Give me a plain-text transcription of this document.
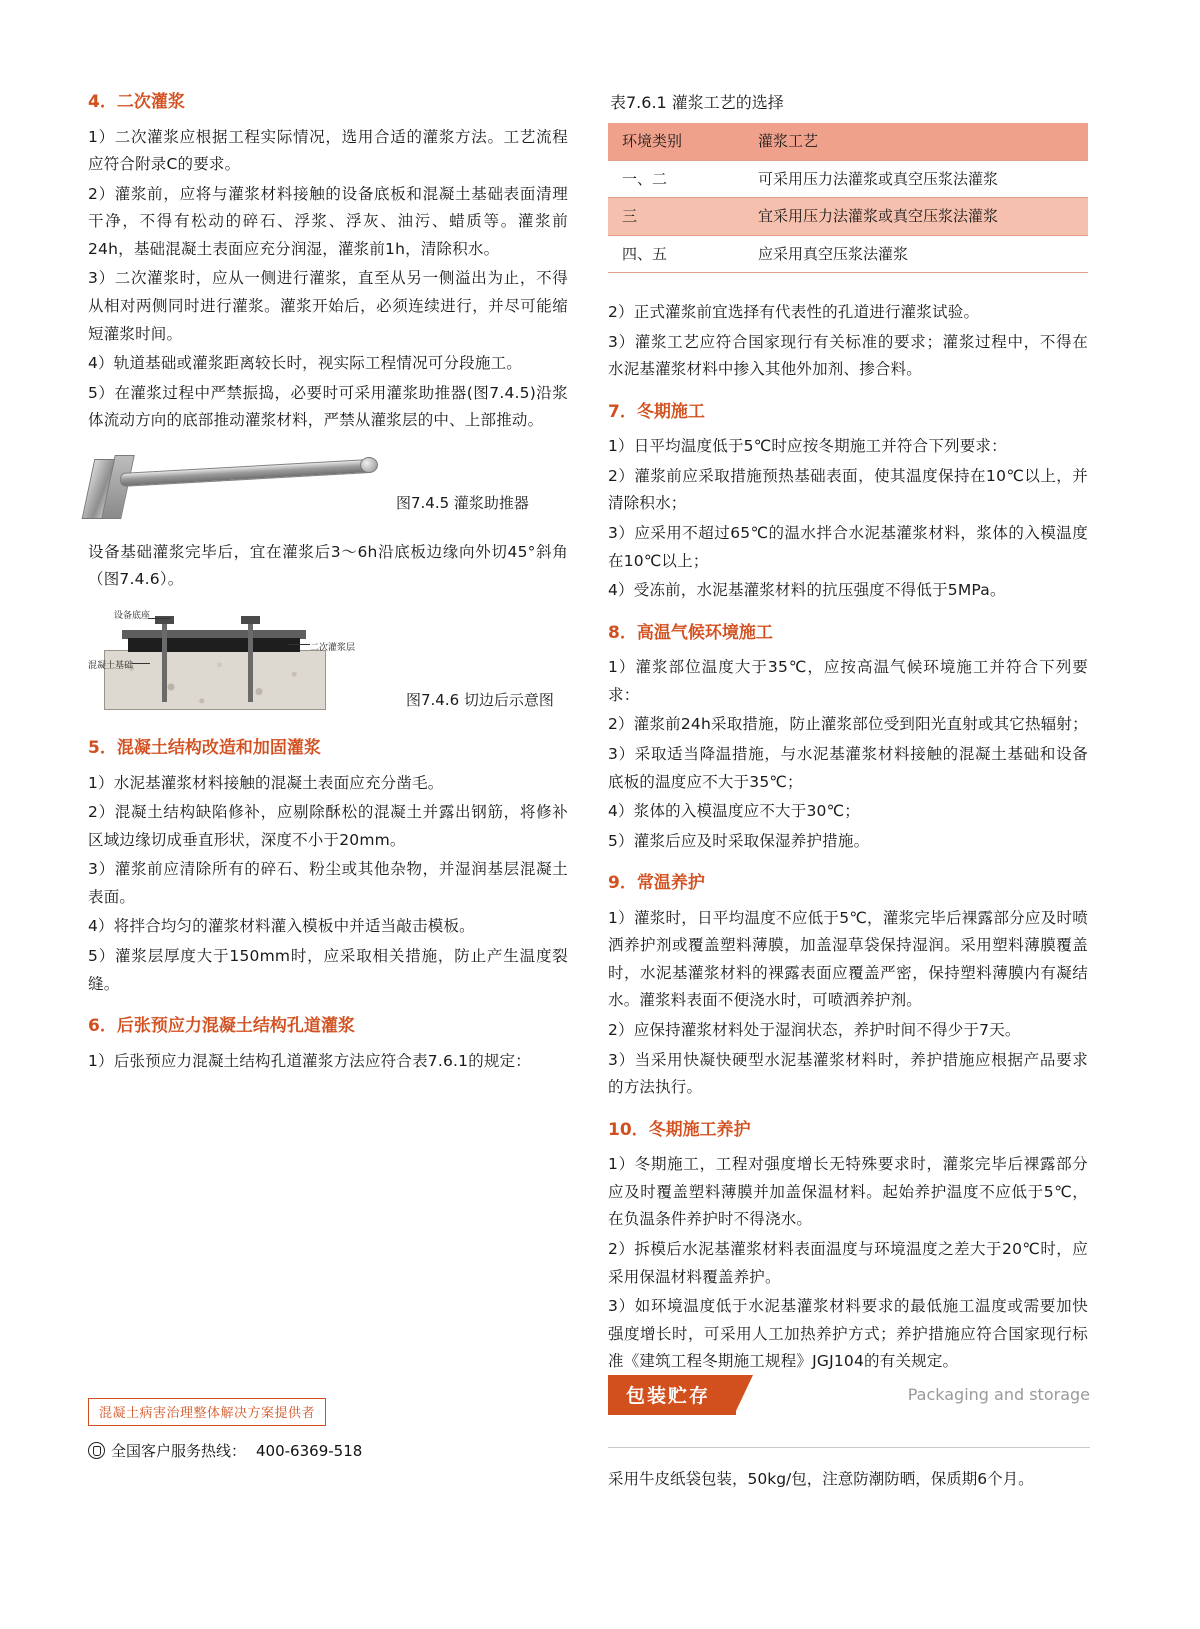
4．二次灌浆

1）二次灌浆应根据工程实际情况，选用合适的灌浆方法。工艺流程应符合附录C的要求。

2）灌浆前，应将与灌浆材料接触的设备底板和混凝土基础表面清理干净，不得有松动的碎石、浮浆、浮灰、油污、蜡质等。灌浆前24h，基础混凝土表面应充分润湿，灌浆前1h，清除积水。

3）二次灌浆时，应从一侧进行灌浆，直至从另一侧溢出为止，不得从相对两侧同时进行灌浆。灌浆开始后，必须连续进行，并尽可能缩短灌浆时间。

4）轨道基础或灌浆距离较长时，视实际工程情况可分段施工。

5）在灌浆过程中严禁振捣，必要时可采用灌浆助推器(图7.4.5)沿浆体流动方向的底部推动灌浆材料，严禁从灌浆层的中、上部推动。

图7.4.5 灌浆助推器

设备基础灌浆完毕后，宜在灌浆后3～6h沿底板边缘向外切45°斜角（图7.4.6）。

设备底座
混凝土基础
二次灌浆层
图7.4.6 切边后示意图
5．混凝土结构改造和加固灌浆

1）水泥基灌浆材料接触的混凝土表面应充分凿毛。

2）混凝土结构缺陷修补，应剔除酥松的混凝土并露出钢筋，将修补区域边缘切成垂直形状，深度不小于20mm。

3）灌浆前应清除所有的碎石、粉尘或其他杂物，并湿润基层混凝土表面。

4）将拌合均匀的灌浆材料灌入模板中并适当敲击模板。

5）灌浆层厚度大于150mm时，应采取相关措施，防止产生温度裂缝。

6．后张预应力混凝土结构孔道灌浆

1）后张预应力混凝土结构孔道灌浆方法应符合表7.6.1的规定：

表7.6.1 灌浆工艺的选择
环境类别	灌浆工艺
一、二	可采用压力法灌浆或真空压浆法灌浆
三	宜采用压力法灌浆或真空压浆法灌浆
四、五	应采用真空压浆法灌浆

2）正式灌浆前宜选择有代表性的孔道进行灌浆试验。

3）灌浆工艺应符合国家现行有关标准的要求；灌浆过程中，不得在水泥基灌浆材料中掺入其他外加剂、掺合料。

7．冬期施工

1）日平均温度低于5℃时应按冬期施工并符合下列要求：

2）灌浆前应采取措施预热基础表面，使其温度保持在10℃以上，并清除积水；

3）应采用不超过65℃的温水拌合水泥基灌浆材料，浆体的入模温度在10℃以上；

4）受冻前，水泥基灌浆材料的抗压强度不得低于5MPa。

8．高温气候环境施工

1）灌浆部位温度大于35℃，应按高温气候环境施工并符合下列要求：

2）灌浆前24h采取措施，防止灌浆部位受到阳光直射或其它热辐射；

3）采取适当降温措施，与水泥基灌浆材料接触的混凝土基础和设备底板的温度应不大于35℃；

4）浆体的入模温度应不大于30℃；

5）灌浆后应及时采取保湿养护措施。

9．常温养护

1）灌浆时，日平均温度不应低于5℃，灌浆完毕后裸露部分应及时喷洒养护剂或覆盖塑料薄膜，加盖湿草袋保持湿润。采用塑料薄膜覆盖时，水泥基灌浆材料的裸露表面应覆盖严密，保持塑料薄膜内有凝结水。灌浆料表面不便浇水时，可喷洒养护剂。

2）应保持灌浆材料处于湿润状态，养护时间不得少于7天。

3）当采用快凝快硬型水泥基灌浆材料时，养护措施应根据产品要求的方法执行。

10．冬期施工养护

1）冬期施工，工程对强度增长无特殊要求时，灌浆完毕后裸露部分应及时覆盖塑料薄膜并加盖保温材料。起始养护温度不应低于5℃，在负温条件养护时不得浇水。

2）拆模后水泥基灌浆材料表面温度与环境温度之差大于20℃时，应采用保温材料覆盖养护。

3）如环境温度低于水泥基灌浆材料要求的最低施工温度或需要加快强度增长时，可采用人工加热养护方式；养护措施应符合国家现行标准《建筑工程冬期施工规程》JGJ104的有关规定。

包装贮存	Packaging and storage
采用牛皮纸袋包装，50kg/包，注意防潮防晒，保质期6个月。
混凝土病害治理整体解决方案提供者
全国客户服务热线： 400-6369-518
